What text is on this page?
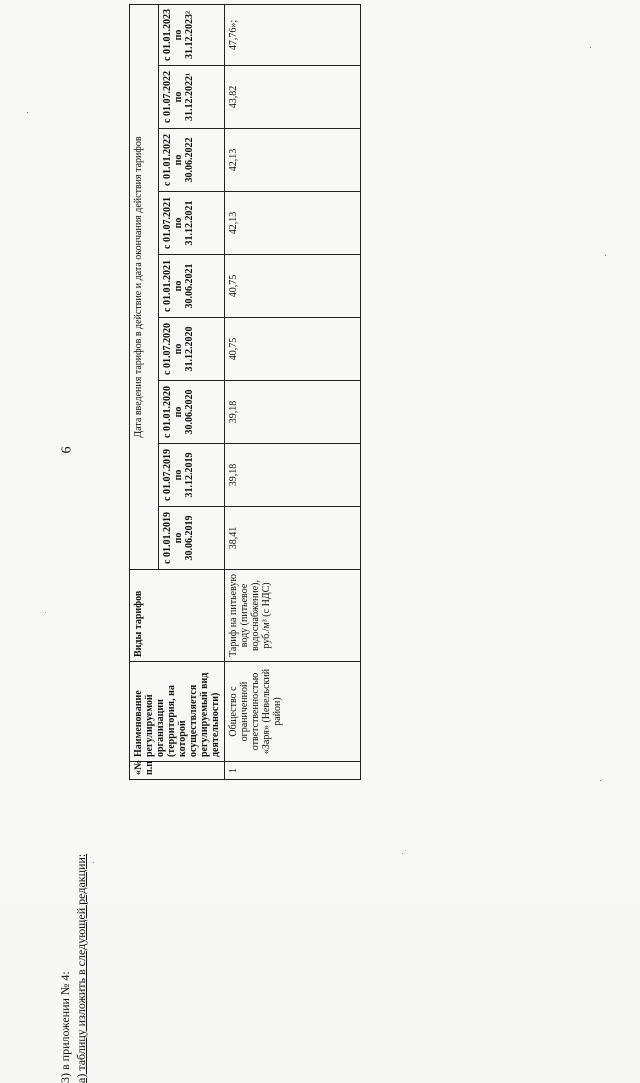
6
3) в приложении № 4: а) таблицу изложить в следующей редакции:
«№ п.п	Наименование регулируемой организации (территория, на которой осуществляется регулируемый вид деятельности)	Виды тарифов	Дата введения тарифов в действие и дата окончания действия тарифов								
			с 01.01.2019 по 30.06.2019	с 01.07.2019 по 31.12.2019	с 01.01.2020 по 30.06.2020	с 01.07.2020 по 31.12.2020	с 01.01.2021 по 30.06.2021	с 01.07.2021 по 31.12.2021	с 01.01.2022 по 30.06.2022	с 01.07.2022 по 31.12.2022¹	с 01.01.2023 по 31.12.2023²
1	Общество с ограниченной ответственностью «Заря» (Невельский район)	Тариф на питьевую воду (питьевое водоснабжение), руб./м³ (с НДС)	38,41	39,18	39,18	40,75	40,75	42,13	42,13	43,82	47,76»;
